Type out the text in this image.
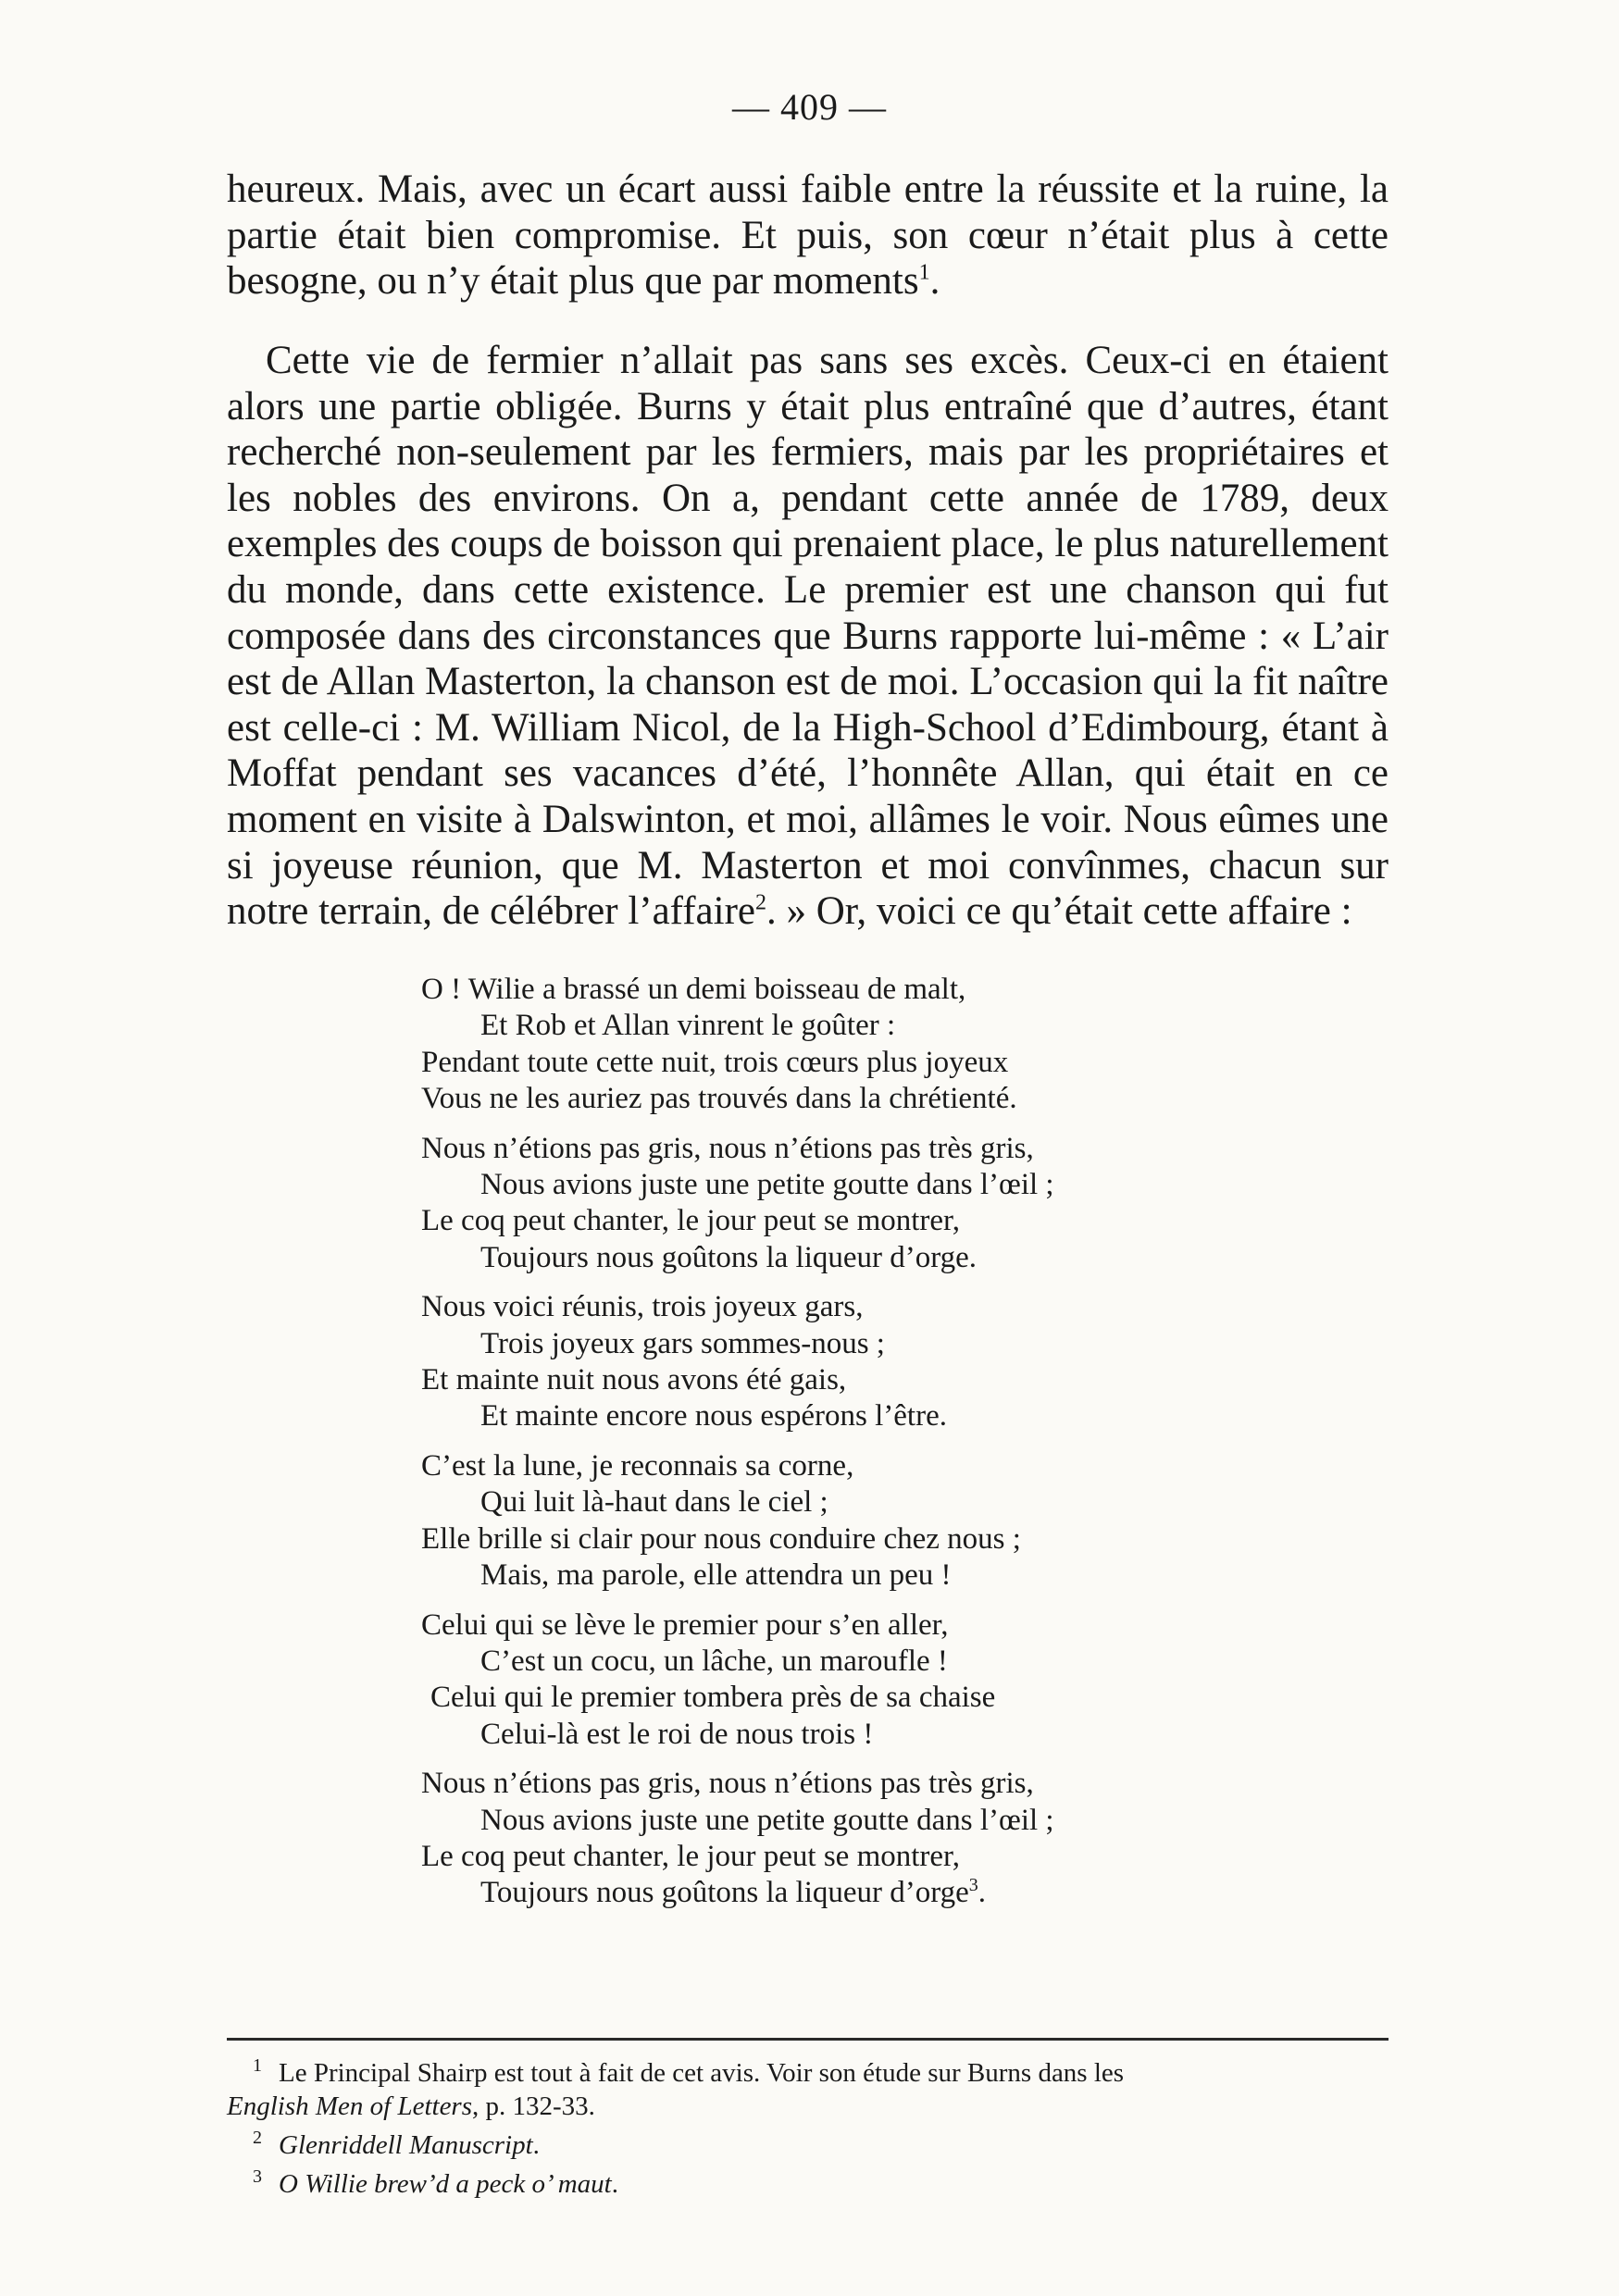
— 409 —

heureux. Mais, avec un écart aussi faible entre la réussite et la ruine, la partie était bien compromise. Et puis, son cœur n’était plus à cette besogne, ou n’y était plus que par moments$^1$.

Cette vie de fermier n’allait pas sans ses excès. Ceux-ci en étaient alors une partie obligée. Burns y était plus entraîné que d’autres, étant recherché non-seulement par les fermiers, mais par les propriétaires et les nobles des environs. On a, pendant cette année de 1789, deux exemples des coups de boisson qui prenaient place, le plus naturellement du monde, dans cette existence. Le premier est une chanson qui fut composée dans des circonstances que Burns rapporte lui-même : « L’air est de Allan Masterton, la chanson est de moi. L’occasion qui la fit naître est celle-ci : M. William Nicol, de la High-School d’Edimbourg, étant à Moffat pendant ses vacances d’été, l’honnête Allan, qui était en ce moment en visite à Dalswinton, et moi, allâmes le voir. Nous eûmes une si joyeuse réunion, que M. Masterton et moi convînmes, chacun sur notre terrain, de célébrer l’affaire$^2$. » Or, voici ce qu’était cette affaire :

O ! Wilie a brassé un demi boisseau de malt,
Et Rob et Allan vinrent le goûter :
Pendant toute cette nuit, trois cœurs plus joyeux
Vous ne les auriez pas trouvés dans la chrétienté.
Nous n’étions pas gris, nous n’étions pas très gris,
Nous avions juste une petite goutte dans l’œil ;
Le coq peut chanter, le jour peut se montrer,
Toujours nous goûtons la liqueur d’orge.
Nous voici réunis, trois joyeux gars,
Trois joyeux gars sommes-nous ;
Et mainte nuit nous avons été gais,
Et mainte encore nous espérons l’être.
C’est la lune, je reconnais sa corne,
Qui luit là-haut dans le ciel ;
Elle brille si clair pour nous conduire chez nous ;
Mais, ma parole, elle attendra un peu !
Celui qui se lève le premier pour s’en aller,
C’est un cocu, un lâche, un maroufle !
Celui qui le premier tombera près de sa chaise
Celui-là est le roi de nous trois !
Nous n’étions pas gris, nous n’étions pas très gris,
Nous avions juste une petite goutte dans l’œil ;
Le coq peut chanter, le jour peut se montrer,
Toujours nous goûtons la liqueur d’orge$^3$.

1 Le Principal Shairp est tout à fait de cet avis. Voir son étude sur Burns dans les
English Men of Letters, p. 132-33.

2 Glenriddell Manuscript.

3 O Willie brew’d a peck o’ maut.
